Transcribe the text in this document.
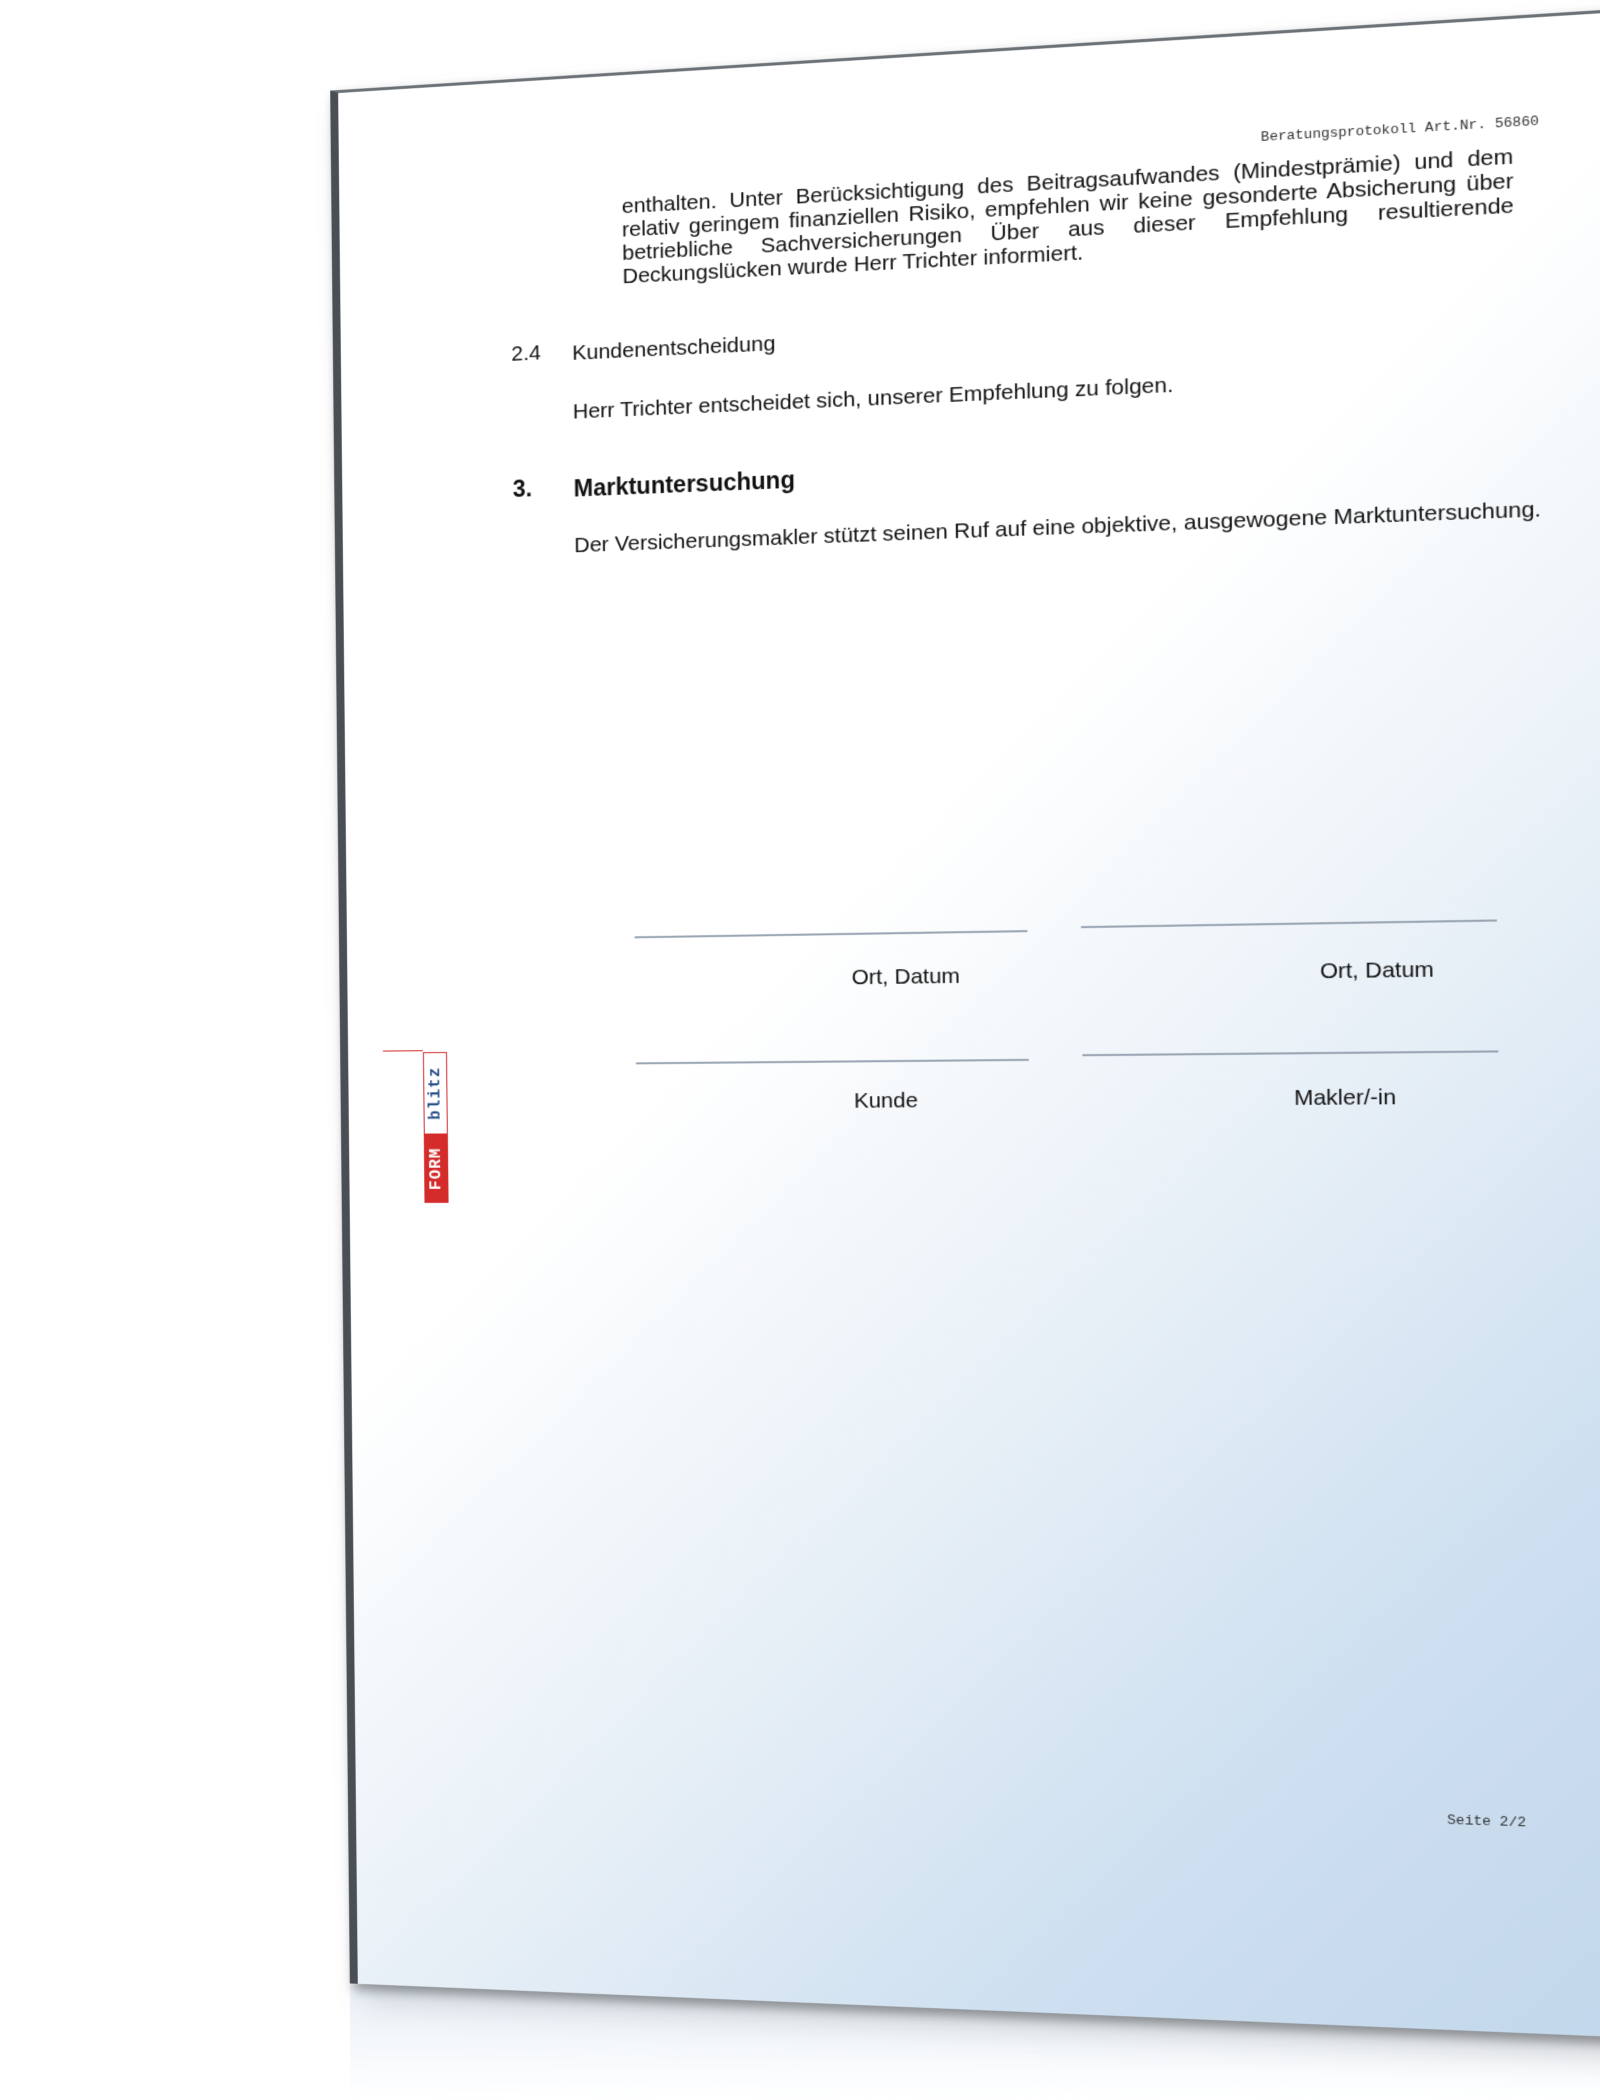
Beratungsprotokoll Art.Nr. 56860
enthalten. Unter Berücksichtigung des Beitragsaufwandes (Mindestprämie) und dem relativ geringem finanziellen Risiko, empfehlen wir keine gesonderte Absicherung über betriebliche Sachversicherungen Über aus dieser Empfehlung resultierende Deckungslücken wurde Herr Trichter informiert.
2.4 Kundenentscheidung
Herr Trichter entscheidet sich, unserer Empfehlung zu folgen.
3. Marktuntersuchung
Der Versicherungsmakler stützt seinen Ruf auf eine objektive, ausgewogene Marktuntersuchung.
Ort, Datum	Ort, Datum
Kunde	Makler/-in
blitz
FORM
Seite 2/2
